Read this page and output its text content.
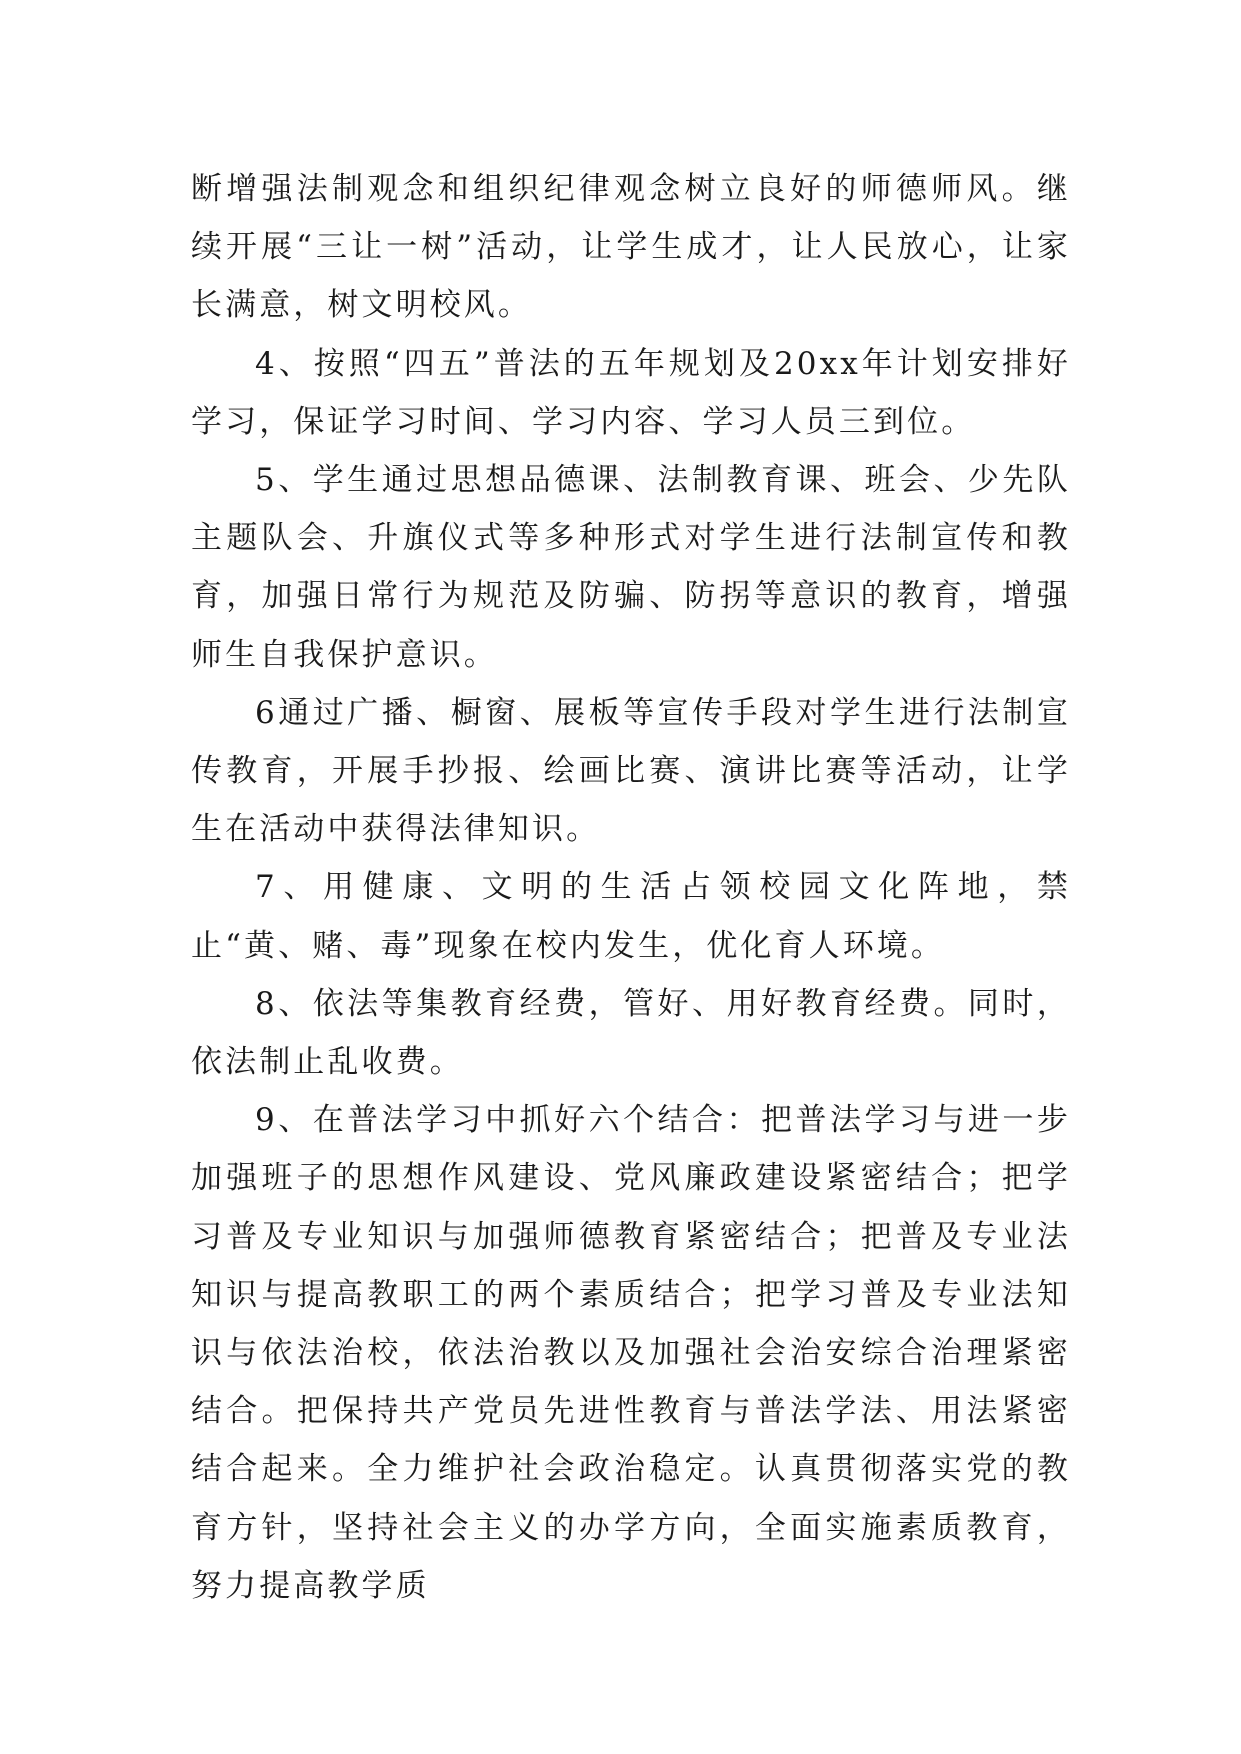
断增强法制观念和组织纪律观念树立良好的师德师风。继续开展“三让一树”活动，让学生成才，让人民放心，让家长满意，树文明校风。

4、按照“四五”普法的五年规划及20xx年计划安排好学习，保证学习时间、学习内容、学习人员三到位。

5、学生通过思想品德课、法制教育课、班会、少先队主题队会、升旗仪式等多种形式对学生进行法制宣传和教育，加强日常行为规范及防骗、防拐等意识的教育，增强师生自我保护意识。

6通过广播、橱窗、展板等宣传手段对学生进行法制宣传教育，开展手抄报、绘画比赛、演讲比赛等活动，让学生在活动中获得法律知识。

7、用健康、文明的生活占领校园文化阵地，禁止“黄、赌、毒”现象在校内发生，优化育人环境。

8、依法等集教育经费，管好、用好教育经费。同时，依法制止乱收费。

9、在普法学习中抓好六个结合：把普法学习与进一步加强班子的思想作风建设、党风廉政建设紧密结合；把学习普及专业知识与加强师德教育紧密结合；把普及专业法知识与提高教职工的两个素质结合；把学习普及专业法知识与依法治校，依法治教以及加强社会治安综合治理紧密结合。把保持共产党员先进性教育与普法学法、用法紧密结合起来。全力维护社会政治稳定。认真贯彻落实党的教育方针，坚持社会主义的办学方向，全面实施素质教育，努力提高教学质
